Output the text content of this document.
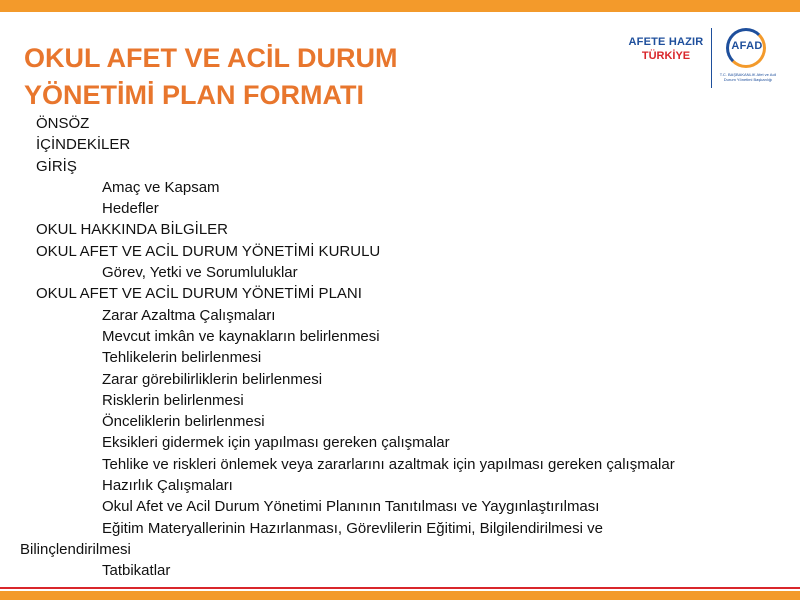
OKUL AFET VE ACİL DURUM
YÖNETİMİ PLAN FORMATI
AFETE HAZIR
TÜRKİYE
AFAD
T.C. BAŞBAKANLIK Afet ve Acil Durum Yönetimi Başkanlığı
ÖNSÖZ
İÇİNDEKİLER
GİRİŞ
Amaç ve Kapsam
Hedefler
OKUL HAKKINDA BİLGİLER
OKUL AFET VE ACİL DURUM YÖNETİMİ KURULU
Görev, Yetki ve Sorumluluklar
OKUL AFET VE ACİL DURUM YÖNETİMİ PLANI
Zarar Azaltma Çalışmaları
Mevcut imkân ve kaynakların belirlenmesi
Tehlikelerin belirlenmesi
Zarar görebilirliklerin belirlenmesi
Risklerin belirlenmesi
Önceliklerin belirlenmesi
Eksikleri gidermek için yapılması gereken çalışmalar
Tehlike ve riskleri önlemek veya zararlarını azaltmak için yapılması gereken çalışmalar
Hazırlık Çalışmaları
Okul Afet ve Acil Durum Yönetimi Planının Tanıtılması ve Yaygınlaştırılması
Eğitim Materyallerinin Hazırlanması, Görevlilerin Eğitimi, Bilgilendirilmesi ve
Bilinçlendirilmesi
Tatbikatlar
